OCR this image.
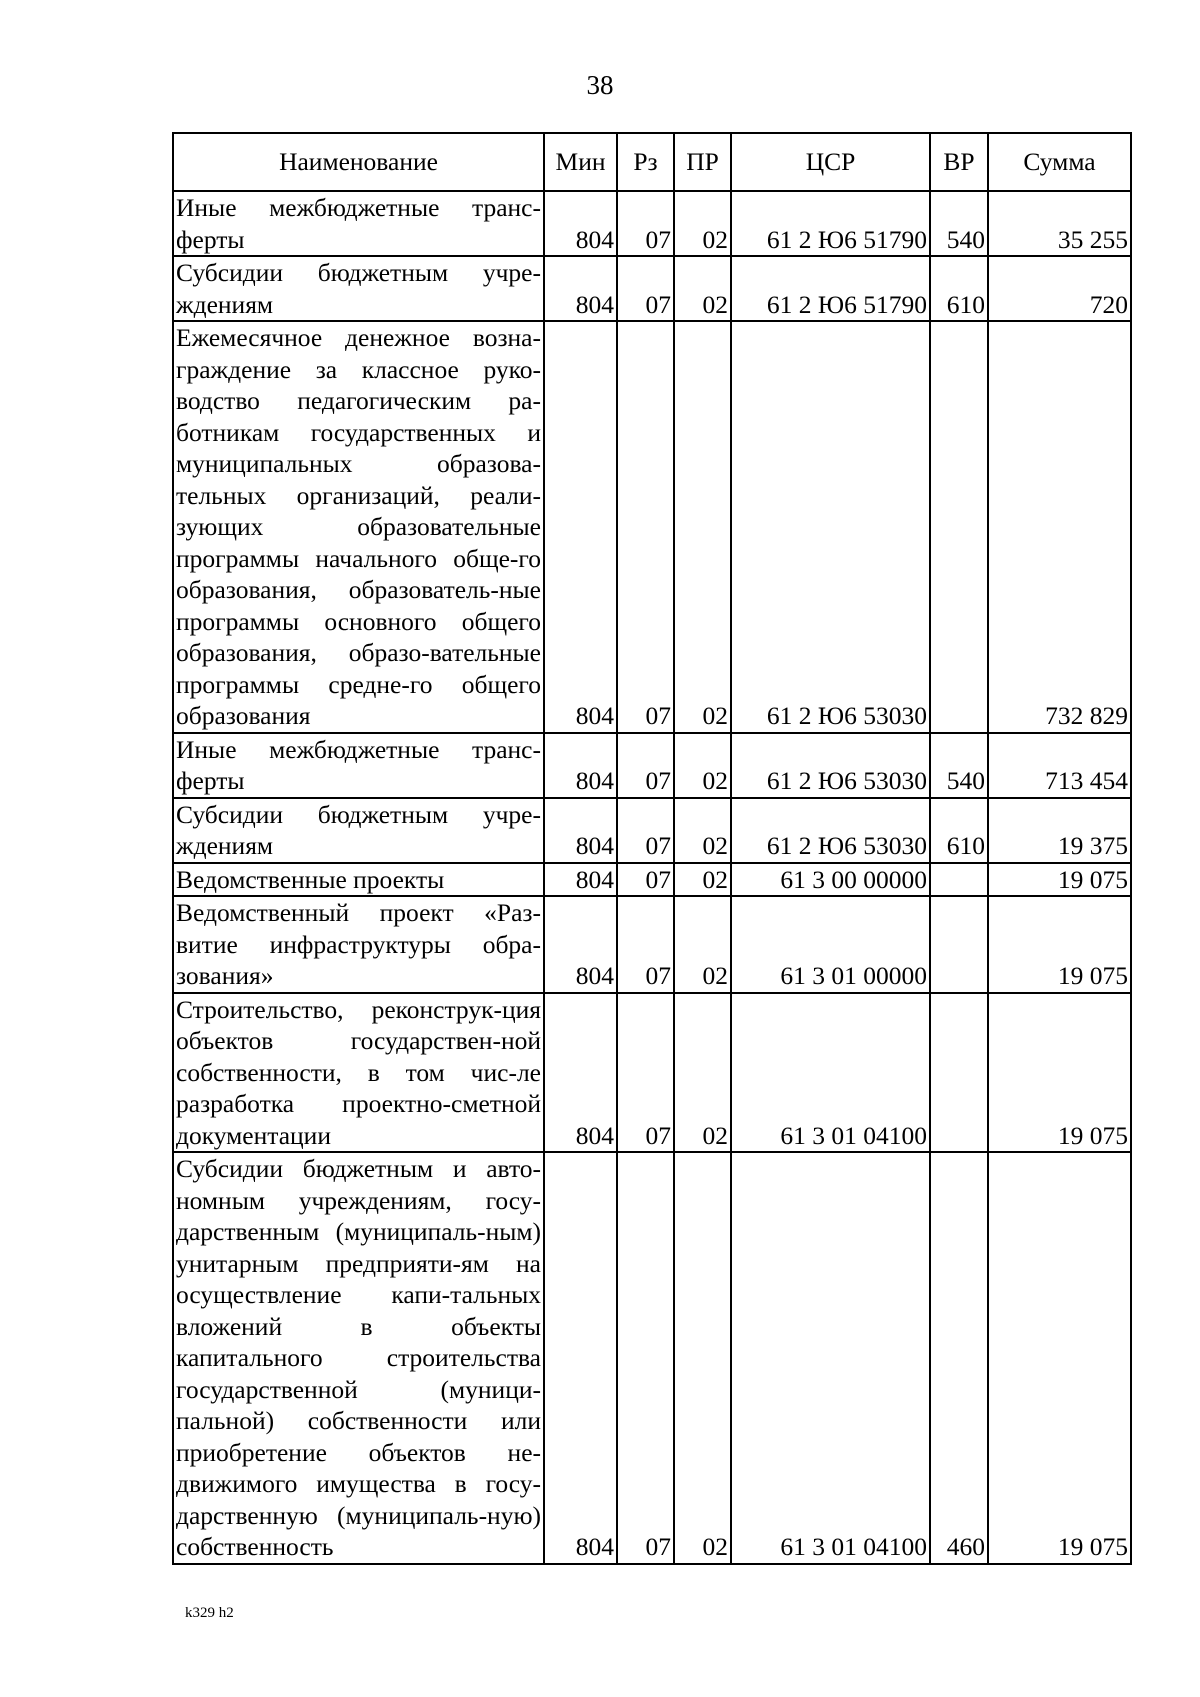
38
Наименование	Мин	Рз	ПР	ЦСР	ВР	Сумма
Иные межбюджетные транс-ферты	804	07	02	61 2 Ю6 51790	540	35 255
Субсидии бюджетным учре-ждениям	804	07	02	61 2 Ю6 51790	610	720
Ежемесячное денежное возна-граждение за классное руко-водство педагогическим ра-ботникам государственных и муниципальных образова-тельных организаций, реали-зующих образовательные программы начального обще-го образования, образователь-ные программы основного общего образования, образо-вательные программы средне-го общего образования	804	07	02	61 2 Ю6 53030		732 829
Иные межбюджетные транс-ферты	804	07	02	61 2 Ю6 53030	540	713 454
Субсидии бюджетным учре-ждениям	804	07	02	61 2 Ю6 53030	610	19 375
Ведомственные проекты	804	07	02	61 3 00 00000		19 075
Ведомственный проект «Раз-витие инфраструктуры обра-зования»	804	07	02	61 3 01 00000		19 075
Строительство, реконструк-ция объектов государствен-ной собственности, в том чис-ле разработка проектно-сметной документации	804	07	02	61 3 01 04100		19 075
Субсидии бюджетным и авто-номным учреждениям, госу-дарственным (муниципаль-ным) унитарным предприяти-ям на осуществление капи-тальных вложений в объекты капитального строительства государственной (муници-пальной) собственности или приобретение объектов не-движимого имущества в госу-дарственную (муниципаль-ную) собственность	804	07	02	61 3 01 04100	460	19 075
k329 h2
